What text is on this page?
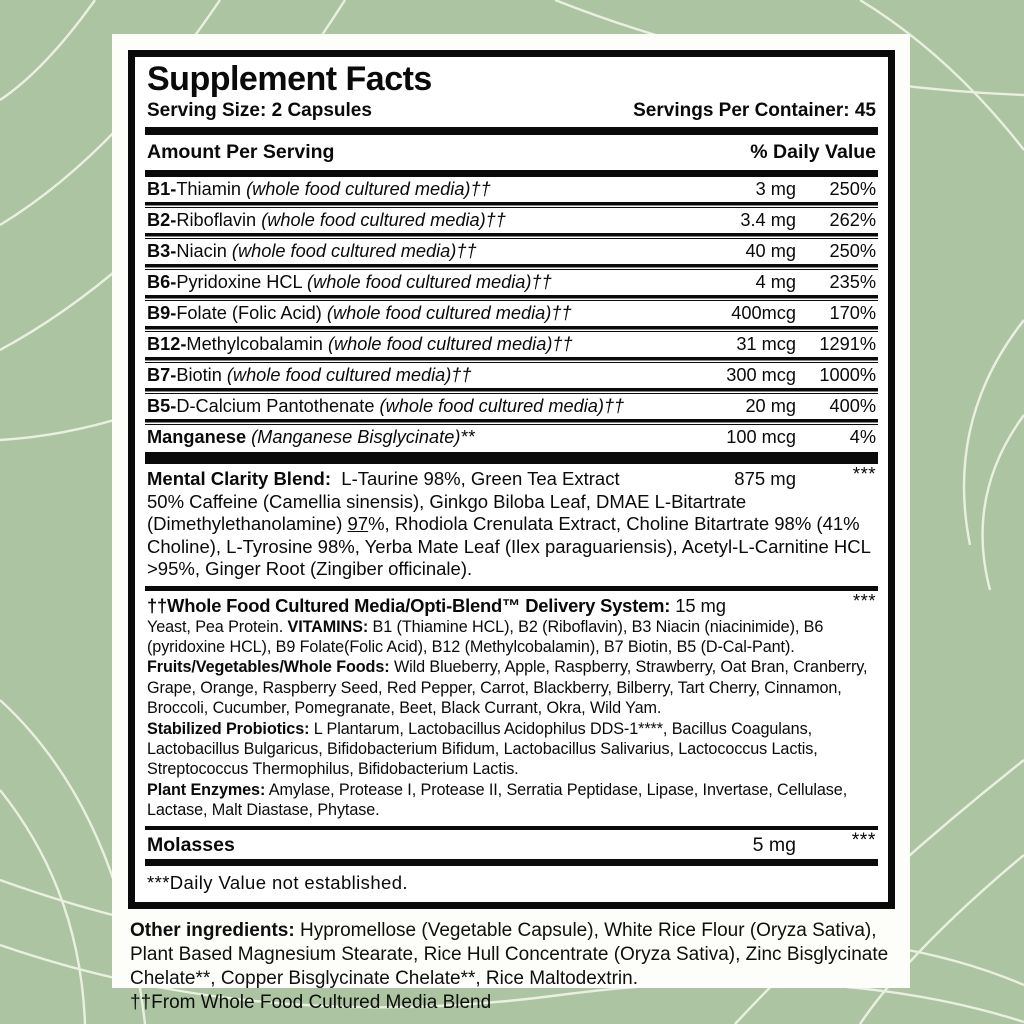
Supplement Facts
Serving Size: 2 Capsules	Servings Per Container: 45
Amount Per Serving	% Daily Value
B1-Thiamin (whole food cultured media)††	3 mg	250%
B2-Riboflavin (whole food cultured media)††	3.4 mg	262%
B3-Niacin (whole food cultured media)††	40 mg	250%
B6-Pyridoxine HCL (whole food cultured media)††	4 mg	235%
B9-Folate (Folic Acid) (whole food cultured media)††	400mcg	170%
B12-Methylcobalamin (whole food cultured media)††	31 mcg	1291%
B7-Biotin (whole food cultured media)††	300 mcg	1000%
B5-D-Calcium Pantothenate (whole food cultured media)††	20 mg	400%
Manganese (Manganese Bisglycinate)**	100 mcg	4%
Mental Clarity Blend: L-Taurine 98%, Green Tea Extract	875 mg	***
50% Caffeine (Camellia sinensis), Ginkgo Biloba Leaf, DMAE L-Bitartrate (Dimethylethanolamine) 97%, Rhodiola Crenulata Extract, Choline Bitartrate 98% (41% Choline), L-Tyrosine 98%, Yerba Mate Leaf (Ilex paraguariensis), Acetyl-L-Carnitine HCL >95%, Ginger Root (Zingiber officinale).
††Whole Food Cultured Media/Opti-Blend™ Delivery System: 15 mg	***
Yeast, Pea Protein. VITAMINS: B1 (Thiamine HCL), B2 (Riboflavin), B3 Niacin (niacinimide), B6 (pyridoxine HCL), B9 Folate(Folic Acid), B12 (Methylcobalamin), B7 Biotin, B5 (D-Cal-Pant).
Fruits/Vegetables/Whole Foods: Wild Blueberry, Apple, Raspberry, Strawberry, Oat Bran, Cranberry, Grape, Orange, Raspberry Seed, Red Pepper, Carrot, Blackberry, Bilberry, Tart Cherry, Cinnamon, Broccoli, Cucumber, Pomegranate, Beet, Black Currant, Okra, Wild Yam.
Stabilized Probiotics: L Plantarum, Lactobacillus Acidophilus DDS-1****, Bacillus Coagulans, Lactobacillus Bulgaricus, Bifidobacterium Bifidum, Lactobacillus Salivarius, Lactococcus Lactis, Streptococcus Thermophilus, Bifidobacterium Lactis.
Plant Enzymes: Amylase, Protease I, Protease II, Serratia Peptidase, Lipase, Invertase, Cellulase, Lactase, Malt Diastase, Phytase.
Molasses	5 mg	***
***Daily Value not established.
Other ingredients: Hypromellose (Vegetable Capsule), White Rice Flour (Oryza Sativa), Plant Based Magnesium Stearate, Rice Hull Concentrate (Oryza Sativa), Zinc Bisglycinate Chelate**, Copper Bisglycinate Chelate**, Rice Maltodextrin.
††From Whole Food Cultured Media Blend
